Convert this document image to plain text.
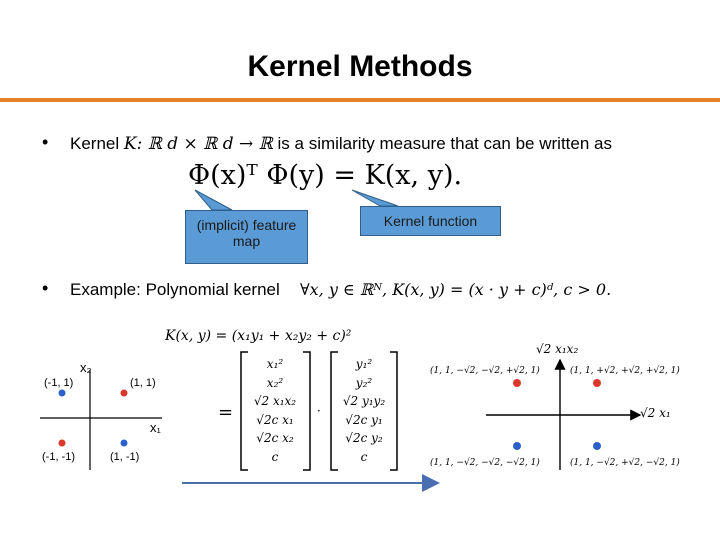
Kernel Methods
• Kernel K: ℝ d × ℝ d → ℝ is a similarity measure that can be written as
Φ(x)ᵀ Φ(y) = K(x, y).
(implicit) feature map
Kernel function
• Example: Polynomial kernel ∀x, y ∈ ℝᴺ, K(x, y) = (x · y + c)ᵈ, c > 0.
K(x, y) = (x₁y₁ + x₂y₂ + c)²
x₂
x₁
(-1, 1)	(1, 1)
(-1, -1)	(1, -1)
=	·
x₁²
x₂²
√2 x₁x₂
√2c x₁
√2c x₂
c
y₁²
y₂²
√2 y₁y₂
√2c y₁
√2c y₂
c
√2 x₁x₂
√2 x₁
(1, 1, −√2, −√2, +√2, 1)	(1, 1, +√2, +√2, +√2, 1)
(1, 1, −√2, −√2, −√2, 1)	(1, 1, −√2, +√2, −√2, 1)
